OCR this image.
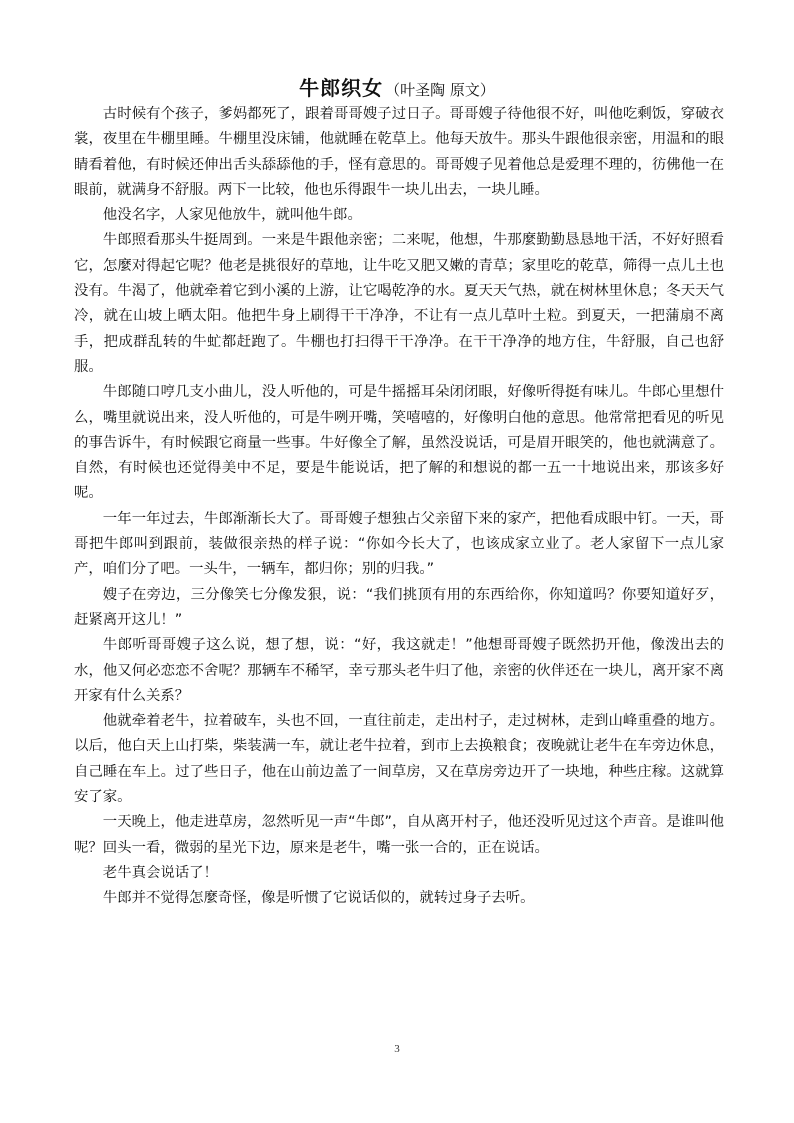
牛郎织女 （叶圣陶 原文）

古时候有个孩子，爹妈都死了，跟着哥哥嫂子过日子。哥哥嫂子待他很不好，叫他吃剩饭，穿破衣裳，夜里在牛棚里睡。牛棚里没床铺，他就睡在乾草上。他每天放牛。那头牛跟他很亲密，用温和的眼睛看着他，有时候还伸出舌头舔舔他的手，怪有意思的。哥哥嫂子见着他总是爱理不理的，彷佛他一在眼前，就满身不舒服。两下一比较，他也乐得跟牛一块儿出去，一块儿睡。

他没名字，人家见他放牛，就叫他牛郎。

牛郎照看那头牛挺周到。一来是牛跟他亲密；二来呢，他想，牛那麼勤勤恳恳地干活，不好好照看它，怎麼对得起它呢？他老是挑很好的草地，让牛吃又肥又嫩的青草；家里吃的乾草，筛得一点儿土也没有。牛渴了，他就牵着它到小溪的上游，让它喝乾净的水。夏天天气热，就在树林里休息；冬天天气冷，就在山坡上晒太阳。他把牛身上刷得干干净净，不让有一点儿草叶土粒。到夏天，一把蒲扇不离手，把成群乱转的牛虻都赶跑了。牛棚也打扫得干干净净。在干干净净的地方住，牛舒服，自己也舒服。

牛郎随口哼几支小曲儿，没人听他的，可是牛摇摇耳朵闭闭眼，好像听得挺有味儿。牛郎心里想什么，嘴里就说出来，没人听他的，可是牛咧开嘴，笑嘻嘻的，好像明白他的意思。他常常把看见的听见的事告诉牛，有时候跟它商量一些事。牛好像全了解，虽然没说话，可是眉开眼笑的，他也就满意了。自然，有时候也还觉得美中不足，要是牛能说话，把了解的和想说的都一五一十地说出来，那该多好呢。

一年一年过去，牛郎渐渐长大了。哥哥嫂子想独占父亲留下来的家产，把他看成眼中钉。一天，哥哥把牛郎叫到跟前，装做很亲热的样子说：“你如今长大了，也该成家立业了。老人家留下一点儿家产，咱们分了吧。一头牛，一辆车，都归你；别的归我。”

嫂子在旁边，三分像笑七分像发狠，说：“我们挑顶有用的东西给你，你知道吗？你要知道好歹，赶紧离开这儿！”

牛郎听哥哥嫂子这么说，想了想，说：“好，我这就走！”他想哥哥嫂子既然扔开他，像泼出去的水，他又何必恋恋不舍呢？那辆车不稀罕，幸亏那头老牛归了他，亲密的伙伴还在一块儿，离开家不离开家有什么关系？

他就牵着老牛，拉着破车，头也不回，一直往前走，走出村子，走过树林，走到山峰重叠的地方。以后，他白天上山打柴，柴装满一车，就让老牛拉着，到市上去换粮食；夜晚就让老牛在车旁边休息，自己睡在车上。过了些日子，他在山前边盖了一间草房，又在草房旁边开了一块地，种些庄稼。这就算安了家。

一天晚上，他走进草房，忽然听见一声“牛郎”，自从离开村子，他还没听见过这个声音。是谁叫他呢？回头一看，微弱的星光下边，原来是老牛，嘴一张一合的，正在说话。

老牛真会说话了！

牛郎并不觉得怎麼奇怪，像是听惯了它说话似的，就转过身子去听。

3
